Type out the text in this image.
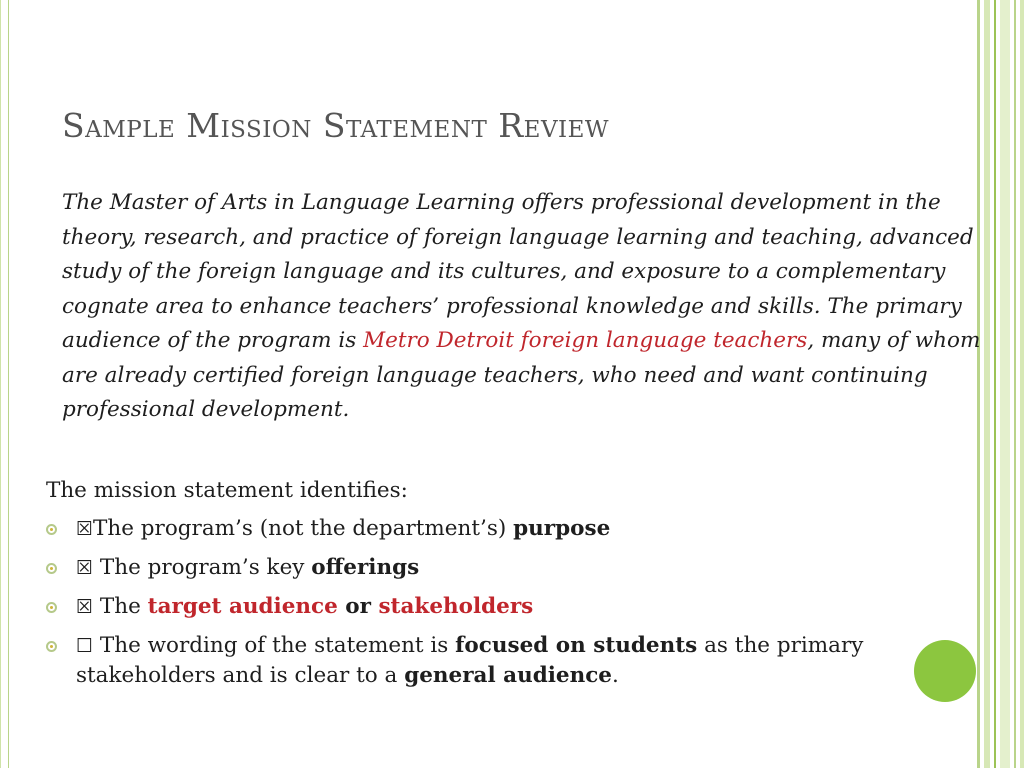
Sample Mission Statement Review
The Master of Arts in Language Learning offers professional development in the theory, research, and practice of foreign language learning and teaching, advanced study of the foreign language and its cultures, and exposure to a complementary cognate area to enhance teachers’ professional knowledge and skills. The primary audience of the program is Metro Detroit foreign language teachers, many of whom are already certified foreign language teachers, who need and want continuing professional development.
The mission statement identifies:
☒The program’s (not the department’s) purpose
☒ The program’s key offerings
☒ The target audience or stakeholders
☐ The wording of the statement is focused on students as the primary stakeholders and is clear to a general audience.
